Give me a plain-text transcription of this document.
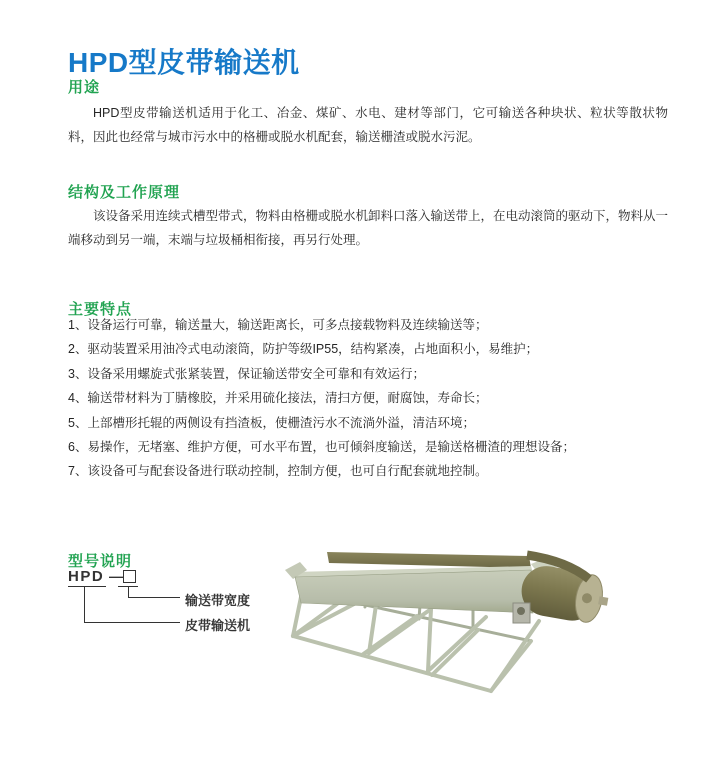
HPD型皮带输送机
用途

HPD型皮带输送机适用于化工、冶金、煤矿、水电、建材等部门，它可输送各种块状、粒状等散状物料，因此也经常与城市污水中的格栅或脱水机配套，输送栅渣或脱水污泥。

结构及工作原理

该设备采用连续式槽型带式，物料由格栅或脱水机卸料口落入输送带上，在电动滚筒的驱动下，物料从一端移动到另一端，末端与垃圾桶相衔接，再另行处理。

主要特点
1、设备运行可靠，输送量大，输送距离长，可多点接载物料及连续输送等；
2、驱动装置采用油冷式电动滚筒，防护等级IP55，结构紧凑，占地面积小，易维护；
3、设备采用螺旋式张紧装置，保证输送带安全可靠和有效运行；
4、输送带材料为丁腈橡胶，并采用硫化接法，清扫方便，耐腐蚀，寿命长；
5、上部槽形托辊的两侧设有挡渣板，使栅渣污水不流淌外溢，清洁环境；
6、易操作，无堵塞、维护方便，可水平布置，也可倾斜度输送，是输送格栅渣的理想设备；
7、该设备可与配套设备进行联动控制，控制方便，也可自行配套就地控制。
型号说明
HPD —
输送带宽度
皮带输送机
